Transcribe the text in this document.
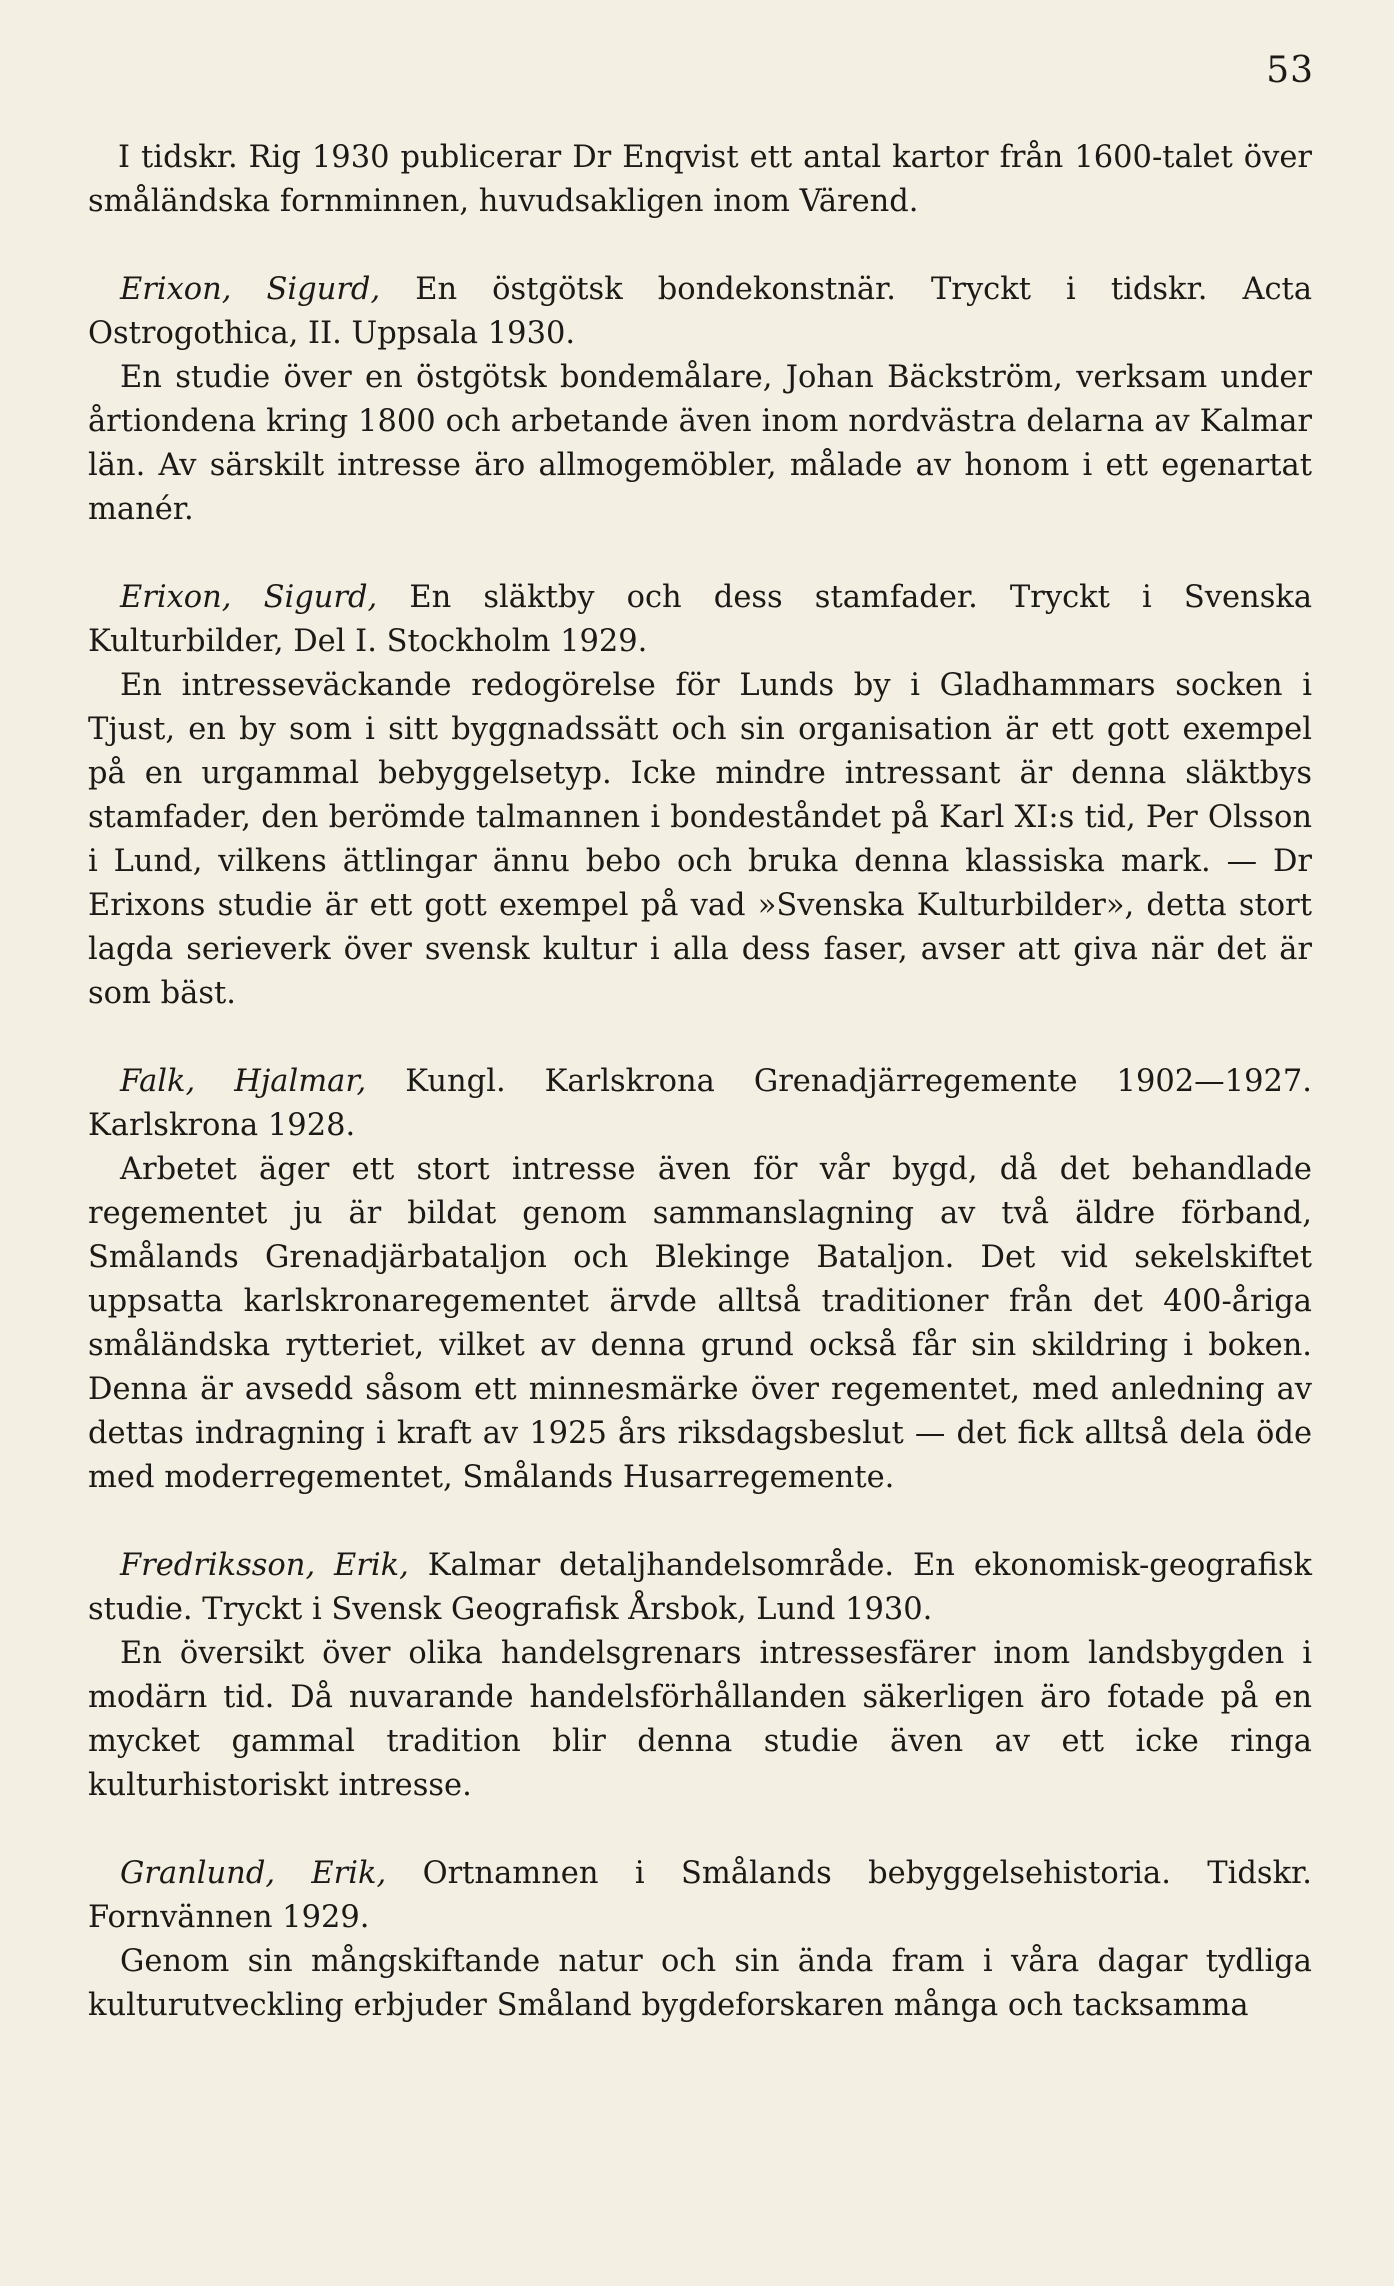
53

I tidskr. Rig 1930 publicerar Dr Enqvist ett antal kartor från 1600-talet över småländska fornminnen, huvudsakligen inom Värend.

Erixon, Sigurd, En östgötsk bondekonstnär. Tryckt i tidskr. Acta Ostrogothica, II. Uppsala 1930.

En studie över en östgötsk bondemålare, Johan Bäckström, verksam under årtiondena kring 1800 och arbetande även inom nordvästra delarna av Kalmar län. Av särskilt intresse äro allmogemöbler, målade av honom i ett egenartat manér.

Erixon, Sigurd, En släktby och dess stamfader. Tryckt i Svenska Kulturbilder, Del I. Stockholm 1929.

En intresseväckande redogörelse för Lunds by i Gladhammars socken i Tjust, en by som i sitt byggnadssätt och sin organisation är ett gott exempel på en urgammal bebyggelsetyp. Icke mindre intressant är denna släktbys stamfader, den berömde talmannen i bondeståndet på Karl XI:s tid, Per Olsson i Lund, vilkens ättlingar ännu bebo och bruka denna klassiska mark. — Dr Erixons studie är ett gott exempel på vad »Svenska Kulturbilder», detta stort lagda serieverk över svensk kultur i alla dess faser, avser att giva när det är som bäst.

Falk, Hjalmar, Kungl. Karlskrona Grenadjärregemente 1902—1927. Karlskrona 1928.

Arbetet äger ett stort intresse även för vår bygd, då det behandlade regementet ju är bildat genom sammanslagning av två äldre förband, Smålands Grenadjärbataljon och Blekinge Bataljon. Det vid sekelskiftet uppsatta karlskronaregementet ärvde alltså traditioner från det 400-åriga småländska rytteriet, vilket av denna grund också får sin skildring i boken. Denna är avsedd såsom ett minnesmärke över regementet, med anledning av dettas indragning i kraft av 1925 års riksdagsbeslut — det fick alltså dela öde med moderregementet, Smålands Husarregemente.

Fredriksson, Erik, Kalmar detaljhandelsområde. En ekonomisk-geografisk studie. Tryckt i Svensk Geografisk Årsbok, Lund 1930.

En översikt över olika handelsgrenars intressesfärer inom landsbygden i modärn tid. Då nuvarande handelsförhållanden säkerligen äro fotade på en mycket gammal tradition blir denna studie även av ett icke ringa kulturhistoriskt intresse.

Granlund, Erik, Ortnamnen i Smålands bebyggelsehistoria. Tidskr. Fornvännen 1929.

Genom sin mångskiftande natur och sin ända fram i våra dagar tydliga kulturutveckling erbjuder Småland bygdeforskaren många och tacksamma
